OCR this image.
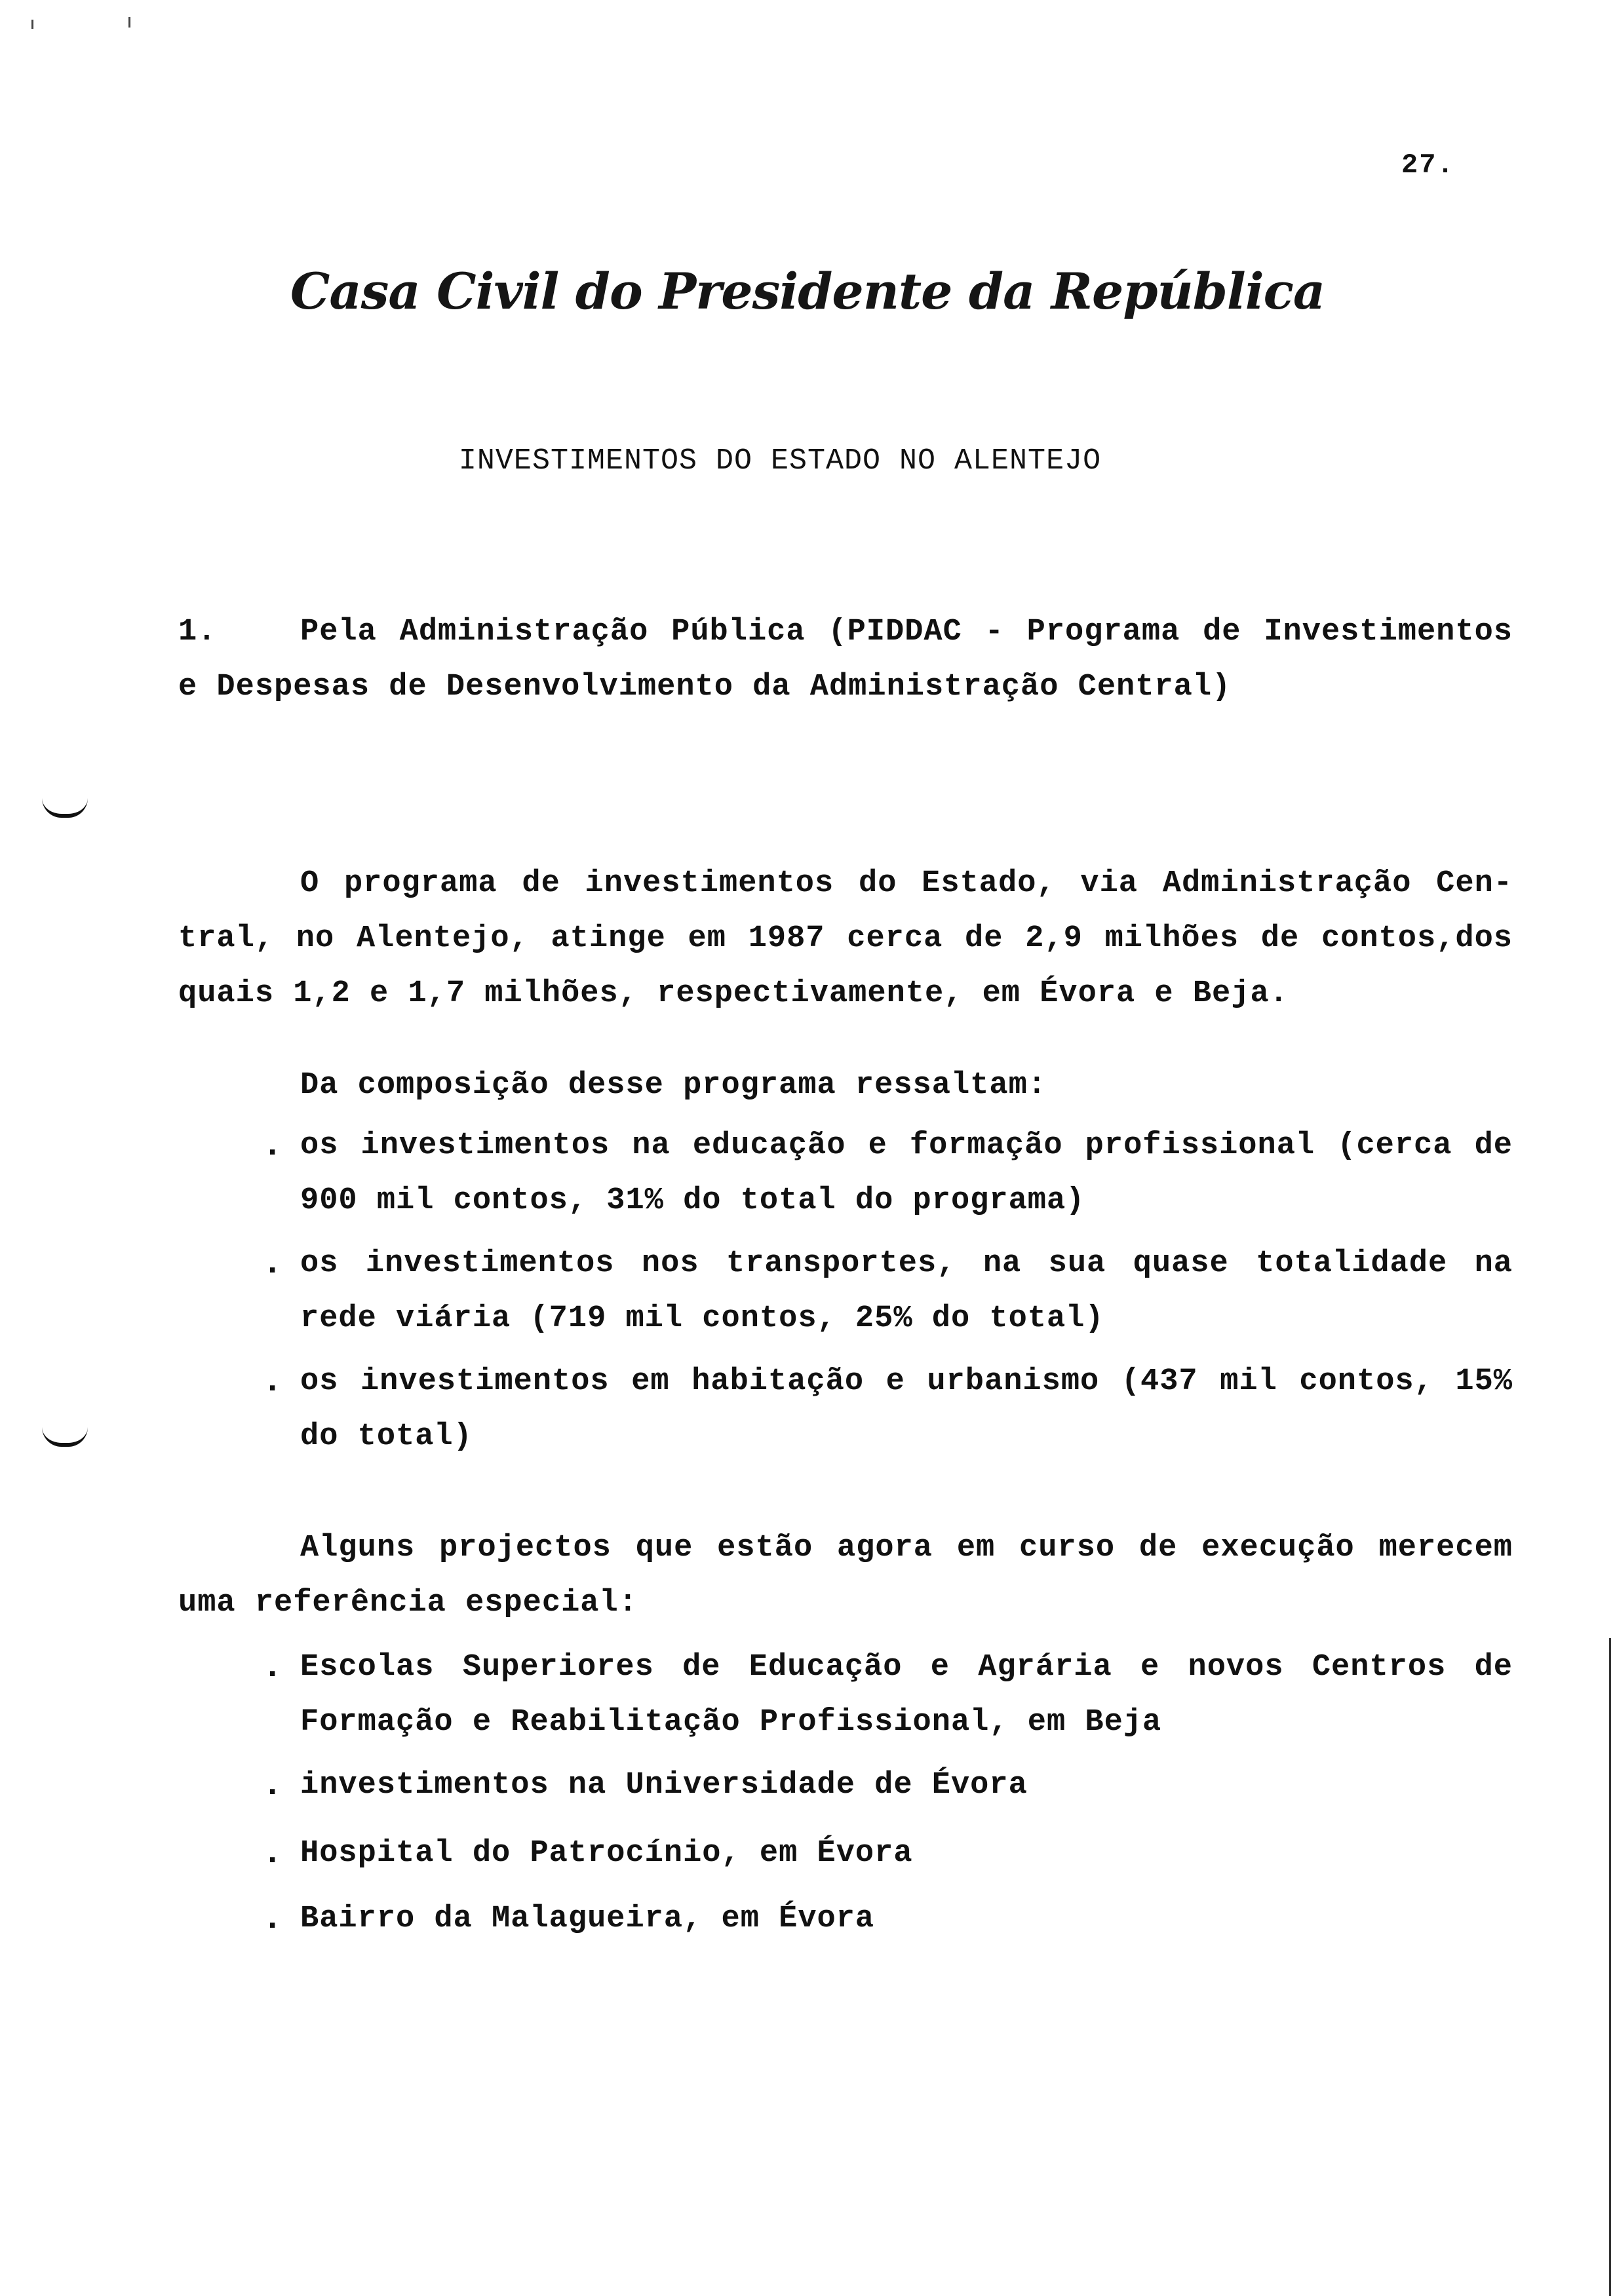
27.
Casa Civil do Presidente da República
INVESTIMENTOS DO ESTADO NO ALENTEJO
1.	Pela Administração Pública (PIDDAC - Programa de Investimentos
e Despesas de Desenvolvimento da Administração Central)
O programa de investimentos do Estado, via Administração Cen-
tral, no Alentejo, atinge em 1987 cerca de 2,9 milhões de contos,dos
quais 1,2 e 1,7 milhões, respectivamente, em Évora e Beja.
Da composição desse programa ressaltam:
. os investimentos na educação e formação profissional (cerca de
900 mil contos, 31% do total do programa)
. os investimentos nos transportes, na sua quase totalidade na
rede viária (719 mil contos, 25% do total)
. os investimentos em habitação e urbanismo (437 mil contos, 15%
do total)
Alguns projectos que estão agora em curso de execução merecem
uma referência especial:
. Escolas Superiores de Educação e Agrária e novos Centros de
Formação e Reabilitação Profissional, em Beja
. investimentos na Universidade de Évora
. Hospital do Patrocínio, em Évora
. Bairro da Malagueira, em Évora
